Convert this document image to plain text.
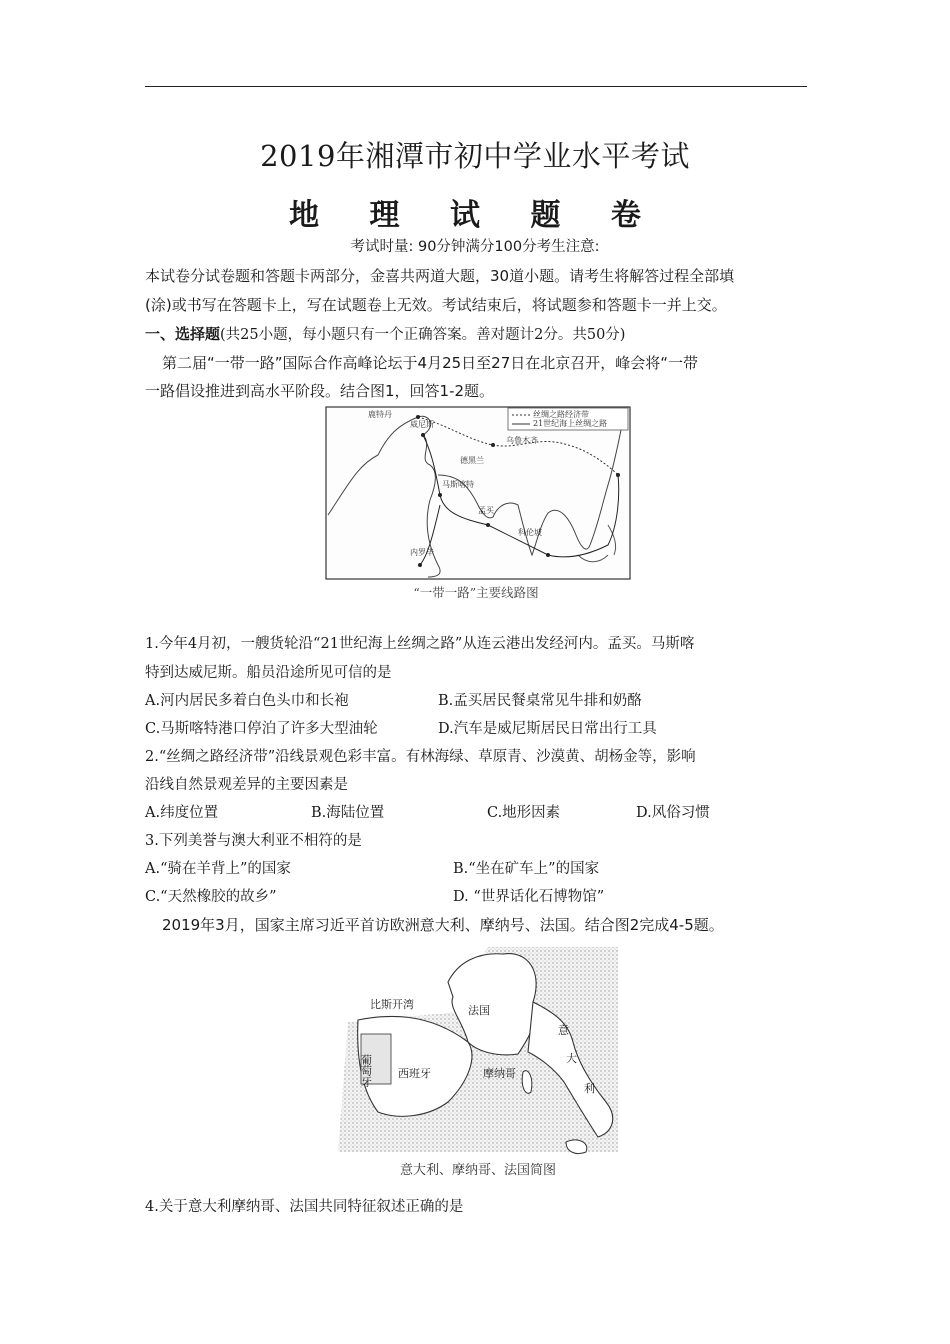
2019年湘潭市初中学业水平考试
地 理 试 题 卷
考试时量: 90分钟满分100分考生注意:
本试卷分试卷题和答题卡两部分，金喜共两道大题，30道小题。请考生将解答过程全部填
(涂)或书写在答题卡上，写在试题卷上无效。考试结束后，将试题参和答题卡一并上交。
一、选择题(共25小题，每小题只有一个正确答案。善对题计2分。共50分)
第二届“一带一路”国际合作高峰论坛于4月25日至27日在北京召开，峰会将“一带
一路倡设推进到高水平阶段。结合图1，回答1-2题。
丝绸之路经济带
21世纪海上丝绸之路
鹿特丹
威尼斯
马斯喀特
乌鲁木齐
德黑兰
孟买
科伦坡
内罗毕
“一带一路”主要线路图
1.今年4月初，一艘货轮沿“21世纪海上丝绸之路”从连云港出发经河内。孟买。马斯喀
特到达威尼斯。船员沿途所见可信的是
A.河内居民多着白色头巾和长袍	B.孟买居民餐桌常见牛排和奶酪
C.马斯喀特港口停泊了许多大型油轮	D.汽车是威尼斯居民日常出行工具
2.“丝绸之路经济带”沿线景观色彩丰富。有林海绿、草原青、沙漠黄、胡杨金等，影响
沿线自然景观差异的主要因素是
A.纬度位置	B.海陆位置	C.地形因素	D.风俗习惯
3.下列美誉与澳大利亚不相符的是
A.“骑在羊背上”的国家	B.“坐在矿车上”的国家
C.“天然橡胶的故乡”	D. “世界话化石博物馆”
2019年3月，国家主席习近平首访欧洲意大利、摩纳号、法国。结合图2完成4-5题。
比斯开湾	法国
葡萄牙 西班牙	摩纳哥
意
大
利
意大利、摩纳哥、法国简图
4.关于意大利摩纳哥、法国共同特征叙述正确的是
